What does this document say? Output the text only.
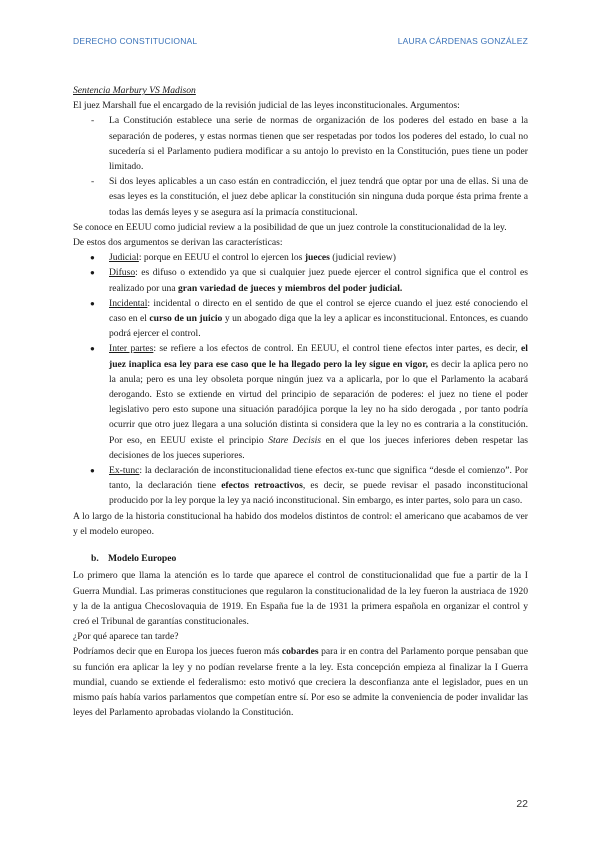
DERECHO CONSTITUCIONAL	LAURA CÁRDENAS GONZÁLEZ

Sentencia Marbury VS Madison

El juez Marshall fue el encargado de la revisión judicial de las leyes inconstitucionales. Argumentos:

- La Constitución establece una serie de normas de organización de los poderes del estado en base a la separación de poderes, y estas normas tienen que ser respetadas por todos los poderes del estado, lo cual no sucedería si el Parlamento pudiera modificar a su antojo lo previsto en la Constitución, pues tiene un poder limitado.
- Si dos leyes aplicables a un caso están en contradicción, el juez tendrá que optar por una de ellas. Si una de esas leyes es la constitución, el juez debe aplicar la constitución sin ninguna duda porque ésta prima frente a todas las demás leyes y se asegura así la primacía constitucional.

Se conoce en EEUU como judicial review a la posibilidad de que un juez controle la constitucionalidad de la ley.

De estos dos argumentos se derivan las características:

● Judicial: porque en EEUU el control lo ejercen los jueces (judicial review)
● Difuso: es difuso o extendido ya que si cualquier juez puede ejercer el control significa que el control es realizado por una gran variedad de jueces y miembros del poder judicial.
● Incidental: incidental o directo en el sentido de que el control se ejerce cuando el juez esté conociendo el caso en el curso de un juicio y un abogado diga que la ley a aplicar es inconstitucional. Entonces, es cuando podrá ejercer el control.
● Inter partes: se refiere a los efectos de control. En EEUU, el control tiene efectos inter partes, es decir, el juez inaplica esa ley para ese caso que le ha llegado pero la ley sigue en vigor, es decir la aplica pero no la anula; pero es una ley obsoleta porque ningún juez va a aplicarla, por lo que el Parlamento la acabará derogando. Esto se extiende en virtud del principio de separación de poderes: el juez no tiene el poder legislativo pero esto supone una situación paradójica porque la ley no ha sido derogada , por tanto podría ocurrir que otro juez llegara a una solución distinta si considera que la ley no es contraria a la constitución. Por eso, en EEUU existe el principio Stare Decisis en el que los jueces inferiores deben respetar las decisiones de los jueces superiores.
● Ex-tunc: la declaración de inconstitucionalidad tiene efectos ex-tunc que significa “desde el comienzo”. Por tanto, la declaración tiene efectos retroactivos, es decir, se puede revisar el pasado inconstitucional producido por la ley porque la ley ya nació inconstitucional. Sin embargo, es inter partes, solo para un caso.

A lo largo de la historia constitucional ha habido dos modelos distintos de control: el americano que acabamos de ver y el modelo europeo.

b. Modelo Europeo

Lo primero que llama la atención es lo tarde que aparece el control de constitucionalidad que fue a partir de la I Guerra Mundial. Las primeras constituciones que regularon la constitucionalidad de la ley fueron la austriaca de 1920 y la de la antigua Checoslovaquia de 1919. En España fue la de 1931 la primera española en organizar el control y creó el Tribunal de garantías constitucionales.

¿Por qué aparece tan tarde?

Podríamos decir que en Europa los jueces fueron más cobardes para ir en contra del Parlamento porque pensaban que su función era aplicar la ley y no podían revelarse frente a la ley. Esta concepción empieza al finalizar la I Guerra mundial, cuando se extiende el federalismo: esto motivó que creciera la desconfianza ante el legislador, pues en un mismo país había varios parlamentos que competían entre sí. Por eso se admite la conveniencia de poder invalidar las leyes del Parlamento aprobadas violando la Constitución.

22
